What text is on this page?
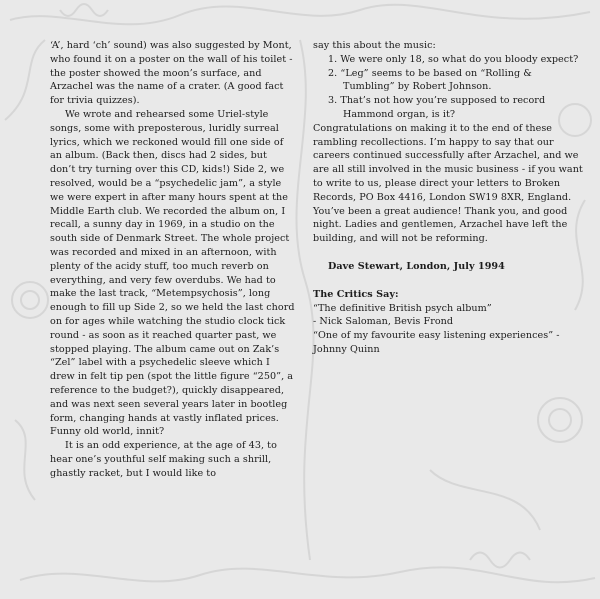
‘A’, hard ‘ch’ sound) was also suggested by Mont, who found it on a poster on the wall of his toilet - the poster showed the moon’s surface, and Arzachel was the name of a crater. (A good fact for trivia quizzes).

We wrote and rehearsed some Uriel-style songs, some with preposterous, luridly surreal lyrics, which we reckoned would fill one side of an album. (Back then, discs had 2 sides, but don’t try turning over this CD, kids!) Side 2, we resolved, would be a “psychedelic jam”, a style we were expert in after many hours spent at the Middle Earth club. We recorded the album on, I recall, a sunny day in 1969, in a studio on the south side of Denmark Street. The whole project was recorded and mixed in an afternoon, with plenty of the acidy stuff, too much reverb on everything, and very few overdubs. We had to make the last track, “Metempsychosis”, long enough to fill up Side 2, so we held the last chord on for ages while watching the studio clock tick round - as soon as it reached quarter past, we stopped playing. The album came out on Zak’s “Zel” label with a psychedelic sleeve which I drew in felt tip pen (spot the little figure “250”, a reference to the budget?), quickly disappeared, and was next seen several years later in bootleg form, changing hands at vastly inflated prices. Funny old world, innit?

It is an odd experience, at the age of 43, to hear one’s youthful self making such a shrill, ghastly racket, but I would like to

say this about the music:

1. We were only 18, so what do you bloody expect?
2. “Leg” seems to be based on “Rolling & Tumbling” by Robert Johnson.
3. That’s not how you’re supposed to record Hammond organ, is it?

Congratulations on making it to the end of these rambling recollections. I’m happy to say that our careers continued successfully after Arzachel, and we are all still involved in the music business - if you want to write to us, please direct your letters to Broken Records, PO Box 4416, London SW19 8XR, England. You’ve been a great audience! Thank you, and good night. Ladies and gentlemen, Arzachel have left the building, and will not be reforming.

Dave Stewart, London, July 1994

The Critics Say:

“The definitive British psych album”

- Nick Saloman, Bevis Frond

“One of my favourite easy listening experiences” - Johnny Quinn
